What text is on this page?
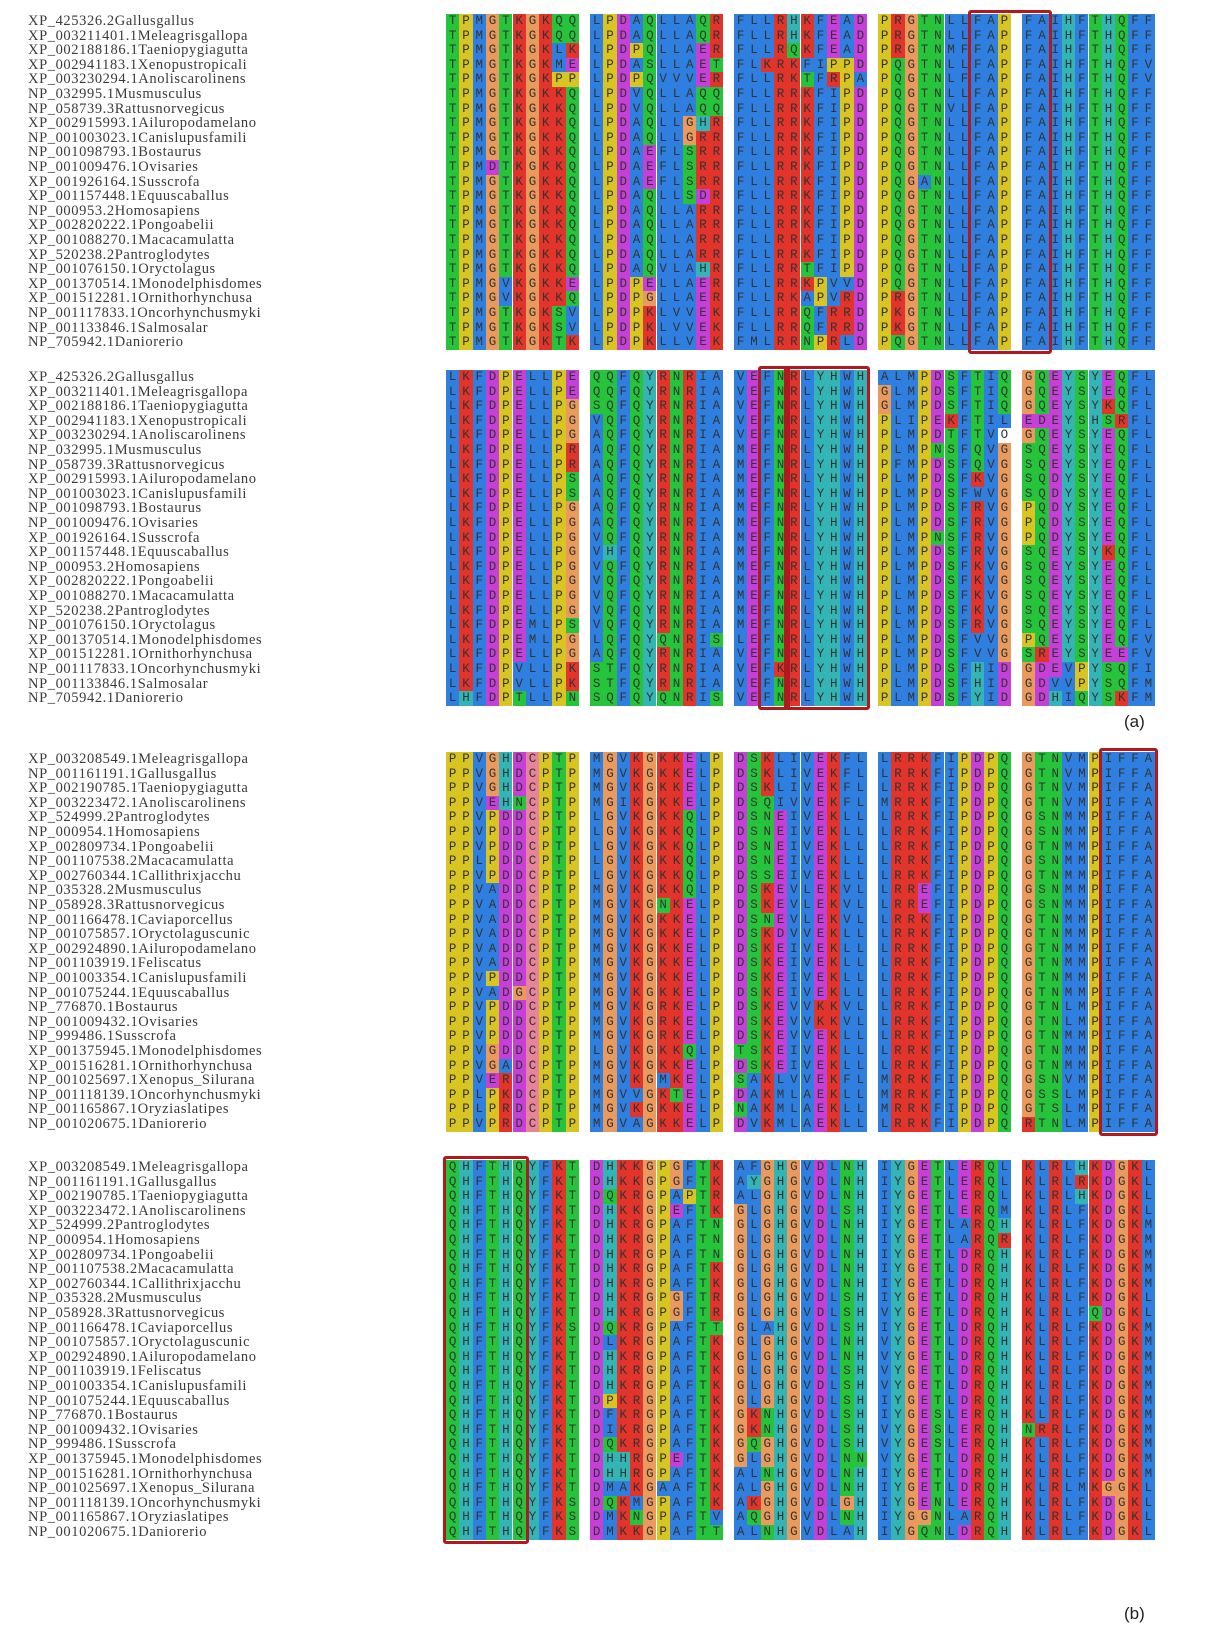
XP_425326.2Gallusgallus
XP_003211401.1Meleagrisgallopa
XP_002188186.1Taeniopygiagutta
XP_002941183.1Xenopustropicali
XP_003230294.1Anoliscarolinens
NP_032995.1Musmusculus
NP_058739.3Rattusnorvegicus
XP_002915993.1Ailuropodamelano
NP_001003023.1Canislupusfamili
NP_001098793.1Bostaurus
NP_001009476.1Ovisaries
XP_001926164.1Susscrofa
XP_001157448.1Equuscaballus
NP_000953.2Homosapiens
XP_002820222.1Pongoabelii
XP_001088270.1Macacamulatta
XP_520238.2Pantroglodytes
NP_001076150.1Oryctolagus
XP_001370514.1Monodelphisdomes
XP_001512281.1Ornithorhynchusa
NP_001117833.1Oncorhynchusmyki
NP_001133846.1Salmosalar
NP_705942.1Daniorerio
T P M G T K G K Q Q
T P M G T K G K Q Q
T P M G T K G K L K
T P M G T K G K M E
T P M G T K G K P P
T P M G T K G K K Q
T P M G T K G K K Q
T P M G T K G K K Q
T P M G T K G K K Q
T P M G T K G K K Q
T P M D T K G K K Q
T P M G T K G K K Q
T P M G T K G K K Q
T P M G T K G K K Q
T P M G T K G K K Q
T P M G T K G K K Q
T P M G T K G K K Q
T P M G T K G K K Q
T P M G V K G K K E
T P M G V K G K K Q
T P M G T K G K S V
T P M G T K G K S V
T P M G T K G K T K
L P D A Q L L A Q R
L P D A Q L L A Q R
L P D P Q L L A E R
L P D A S L L A E T
L P D P Q V V V E R
L P D V Q L L A Q Q
L P D V Q L L A Q Q
L P D A Q L L G H R
L P D A Q L L G R R
L P D A E F L S R R
L P D A E F L S R R
L P D A E F L S R R
L P D A Q L L S D R
L P D A Q L L A R R
L P D A Q L L A R R
L P D A Q L L A R R
L P D A Q L L A R R
L P D A Q V L A H R
L P D P E L L A E R
L P D P G L L A E R
L P D P K L V V E K
L P D P K L V V E K
L P D P K L L V E K
F L L R H K F E A D
F L L R H K F E A D
F L L R Q K F E A D
F L K R K F I P P D
F L L R K T F R P A
F L L R R K F I P D
F L L R R K F I P D
F L L R R K F I P D
F L L R R K F I P D
F L L R R K F I P D
F L L R R K F I P D
F L L R R K F I P D
F L L R R K F I P D
F L L R R K F I P D
F L L R R K F I P D
F L L R R K F I P D
F L L R R K F I P D
F L L R R T F I P D
F L L R R K P V V D
F L L R K A P V R D
F L L R R Q F R R D
F L L R R Q F R R D
F M L R R N P R L D
P R G T N L L F A P
P R G T N L L F A P
P R G T N M F F A P
P Q G T N L L F A P
P Q G T N L F F A P
P Q G T N L L F A P
P Q G T N V L F A P
P Q G T N L L F A P
P Q G T N L L F A P
P Q G T N L L F A P
P Q G T N L L F A P
P Q G A N L L F A P
P Q G T N L L F A P
P Q G T N L L F A P
P Q G T N L L F A P
P Q G T N L L F A P
P Q G T N L L F A P
P Q G T N L L F A P
P Q G T N L L F A P
P R G T N L L F A P
P K G T N L L F A P
P K G T N L L F A P
P Q G T N L L F A P
F A I H F T H Q F F
F A I H F T H Q F F
F A I H F T H Q F F
F A I H F T H Q F V
F A I H F T H Q F V
F A I H F T H Q F F
F A I H F T H Q F F
F A I H F T H Q F F
F A I H F T H Q F F
F A I H F T H Q F F
F A I H F T H Q F F
F A I H F T H Q F F
F A I H F T H Q F F
F A I H F T H Q F F
F A I H F T H Q F F
F A I H F T H Q F F
F A I H F T H Q F F
F A I H F T H Q F F
F A I H F T H Q F F
F A I H F T H Q F F
F A I H F T H Q F F
F A I H F T H Q F F
F A I H F T H Q F F
XP_425326.2Gallusgallus
XP_003211401.1Meleagrisgallopa
XP_002188186.1Taeniopygiagutta
XP_002941183.1Xenopustropicali
XP_003230294.1Anoliscarolinens
NP_032995.1Musmusculus
NP_058739.3Rattusnorvegicus
XP_002915993.1Ailuropodamelano
NP_001003023.1Canislupusfamili
NP_001098793.1Bostaurus
NP_001009476.1Ovisaries
XP_001926164.1Susscrofa
XP_001157448.1Equuscaballus
NP_000953.2Homosapiens
XP_002820222.1Pongoabelii
XP_001088270.1Macacamulatta
XP_520238.2Pantroglodytes
NP_001076150.1Oryctolagus
XP_001370514.1Monodelphisdomes
XP_001512281.1Ornithorhynchusa
NP_001117833.1Oncorhynchusmyki
NP_001133846.1Salmosalar
NP_705942.1Daniorerio
L K F D P E L L P E
L K F D P E L L P E
L K F D P E L L P G
L K F D P E L L P G
L K F D P E L L P G
L K F D P E L L P R
L K F D P E L L P R
L K F D P E L L P S
L K F D P E L L P S
L K F D P E L L P G
L K F D P E L L P G
L K F D P E L L P G
L K F D P E L L P G
L K F D P E L L P G
L K F D P E L L P G
L K F D P E L L P G
L K F D P E L L P G
L K F D P E M L P S
L K F D P E M L P G
L K F D P E L L P G
L K F D P V L L P K
L K F D P V L L P K
L H F D P T L L P N
Q Q F Q Y R N R I A
Q Q F Q Y R N R I A
S Q F Q Y R N R I A
V Q F Q Y R N R I A
A Q F Q Y R N R I A
A Q F Q Y R N R I A
A Q F Q Y R N R I A
A Q F Q Y R N R I A
A Q F Q Y R N R I A
A Q F Q Y R N R I A
A Q F Q Y R N R I A
V Q F Q Y R N R I A
V H F Q Y R N R I A
V Q F Q Y R N R I A
V Q F Q Y R N R I A
V Q F Q Y R N R I A
V Q F Q Y R N R I A
V Q F Q Y R N R I A
L Q F Q Y Q N R I S
A Q F Q Y R N R I A
S T F Q Y R N R I A
S T F Q Y R N R I A
S Q F Q Y Q N R I S
V E F N R L Y H W H
V E F N R L Y H W H
V E F N R L Y H W H
V E F N R L Y H W H
V E F N R L Y H W H
M E F N R L Y H W H
M E F N R L Y H W H
M E F N R L Y H W H
M E F N R L Y H W H
M E F N R L Y H W H
M E F N R L Y H W H
M E F N R L Y H W H
M E F N R L Y H W H
M E F N R L Y H W H
M E F N R L Y H W H
M E F N R L Y H W H
M E F N R L Y H W H
M E F N R L Y H W H
L E F N R L Y H W H
V E F N R L Y H W H
V E F K R L Y H W H
V E F N R L Y H W H
V E F N R L Y H W H
A L M P D S F T I Q
G L M P D S F T I Q
G L M P D S F T I Q
P L I P E K F T I L
P L M P D T F T V O
P L M P N S F Q V G
P F M P D S F Q V G
P L M P D S F K V G
P L M P D S F W V G
P L M P D S F R V G
P L M P D S F R V G
P L M P N S F R V G
P L M P D S F R V G
P L M P D S F K V G
P L M P D S F K V G
P L M P D S F K V G
P L M P D S F K V G
P L M P D S F R V G
P L M P D S F V V G
P L M P D S F V V G
P L M P D S F H I D
P L M P D S F H I D
P L M P D S F Y I D
G Q E Y S Y E Q F L
G Q E Y S Y E Q F L
G Q E Y S Y K Q F L
E D E Y S H S R F L
G Q E Y S Y E Q F L
S Q E Y S Y E Q F L
S Q E Y S Y E Q F L
S Q D Y S Y E Q F L
S Q D Y S Y E Q F L
P Q D Y S Y E Q F L
P Q D Y S Y E Q F L
P Q D Y S Y E Q F L
S Q E Y S Y K Q F L
S Q E Y S Y E Q F L
S Q E Y S Y E Q F L
S Q E Y S Y E Q F L
S Q E Y S Y E Q F L
S Q E Y S Y E Q F L
P Q E Y S Y E Q F V
S R E Y S Y E E F V
G D E V P Y S Q F I
G D V V P Y S Q F M
G D H I Q Y S K F M
(a)
XP_003208549.1Meleagrisgallopa
NP_001161191.1Gallusgallus
XP_002190785.1Taeniopygiagutta
XP_003223472.1Anoliscarolinens
XP_524999.2Pantroglodytes
NP_000954.1Homosapiens
XP_002809734.1Pongoabelii
NP_001107538.2Macacamulatta
XP_002760344.1Callithrixjacchu
NP_035328.2Musmusculus
NP_058928.3Rattusnorvegicus
NP_001166478.1Caviaporcellus
NP_001075857.1Oryctolaguscunic
XP_002924890.1Ailuropodamelano
NP_001103919.1Feliscatus
NP_001003354.1Canislupusfamili
NP_001075244.1Equuscaballus
NP_776870.1Bostaurus
NP_001009432.1Ovisaries
NP_999486.1Susscrofa
XP_001375945.1Monodelphisdomes
XP_001516281.1Ornithorhynchusa
NP_001025697.1Xenopus_Silurana
NP_001118139.1Oncorhynchusmyki
NP_001165867.1Oryziaslatipes
NP_001020675.1Daniorerio
P P V G H D C P T P
P P V G H D C P T P
P P V G H D C P T P
P P V E H N C P T P
P P V P D D C P T P
P P V P D D C P T P
P P V P D D C P T P
P P L P D D C P T P
P P V P D D C P T P
P P V A D D C P T P
P P V A D D C P T P
P P V A D D C P T P
P P V A D D C P T P
P P V A D D C P T P
P P V A D D C P T P
P P V P D D C P T P
P P V A D G C P T P
P P V P D D C P T P
P P V P D D C P T P
P P V P D D C P T P
P P V G D D C P T P
P P V G A D C P T P
P P V E R D C P T P
P P L P K D C P T P
P P L P R D C P T P
P P V P R D C P T P
M G V K G K K E L P
M G V K G K K E L P
M G V K G K K E L P
M G I K G K K E L P
L G V K G K K Q L P
L G V K G K K Q L P
L G V K G K K Q L P
L G V K G K K Q L P
L G V K G K K Q L P
M G V K G K K Q L P
M G V K G N K E L P
M G V K G K K E L P
M G V K G K K E L P
M G V K G K K E L P
M G V K G K K E L P
M G V K G K K E L P
M G V K G K K E L P
M G V K G R K E L P
M G V K G R K E L P
M G V K G R K E L P
L G V K G K K Q L P
M G V K G K K E L P
M G V K G M K E L P
M G V V G K T E L P
M G V K G K K E L P
M G V A G K K E L P
D S K L I V E K F L
D S K L I V E K F L
D S K L I V E K F L
D S Q I V V E K F L
D S N E I V E K L L
D S N E I V E K L L
D S N E I V E K L L
D S N E I V E K L L
D S S E I V E K L L
D S K E V L E K V L
D S K E V L E K V L
D S N E V L E K V L
D S K D V V E K L L
D S K E I V E K L L
D S K E I V E K L L
D S K E I V E K L L
D S K E I V E K L L
D S K E V V K K V L
D S K E V V K K V L
D S K E V V E K L L
T S K E I V E K L L
D S K E I V E K L L
S A K L V V E K F L
D A K M L A E K L L
N A K M L A E K L L
D V K M L A E K L L
L R R K F I P D P Q
L R R K F I P D P Q
L R R K F I P D P Q
M R R K F I P D P Q
L R R K F I P D P Q
L R R K F I P D P Q
L R R K F I P D P Q
L R R K F I P D P Q
L R R K F I P D P Q
L R R E F I P D P Q
L R R E F I P D P Q
L R R K F I P D P Q
L R R K F I P D P Q
L R R K F I P D P Q
L R R K F I P D P Q
L R R K F I P D P Q
L R R K F I P D P Q
L R R K F I P D P Q
L R R K F I P D P Q
L R R K F I P D P Q
L R R K F I P D P Q
L R R K F I P D P Q
M R R K F I P D P Q
M R R K F I P D P Q
M R R K F I P D P Q
L R R K F I P D P Q
G T N V M P I F F A
G T N V M P I F F A
G T N V M P I F F A
G T N V M P I F F A
G S N M M P I F F A
G S N M M P I F F A
G T N M M P I F F A
G S N M M P I F F A
G T N M M P I F F A
G S N M M P I F F A
G S N M M P I F F A
G T N M M P I F F A
G T N M M P I F F A
G T N M M P I F F A
G T N M M P I F F A
G T N M M P I F F A
G T N M M P I F F A
G T N L M P I F F A
G T N L M P I F F A
G T N M M P I F F A
G T N M M P I F F A
G T N M M P I F F A
G S N V M P I F F A
G S S L M P I F F A
G T S L M P I F F A
R T N L M P I F F A
XP_003208549.1Meleagrisgallopa
NP_001161191.1Gallusgallus
XP_002190785.1Taeniopygiagutta
XP_003223472.1Anoliscarolinens
XP_524999.2Pantroglodytes
NP_000954.1Homosapiens
XP_002809734.1Pongoabelii
NP_001107538.2Macacamulatta
XP_002760344.1Callithrixjacchu
NP_035328.2Musmusculus
NP_058928.3Rattusnorvegicus
NP_001166478.1Caviaporcellus
NP_001075857.1Oryctolaguscunic
XP_002924890.1Ailuropodamelano
NP_001103919.1Feliscatus
NP_001003354.1Canislupusfamili
NP_001075244.1Equuscaballus
NP_776870.1Bostaurus
NP_001009432.1Ovisaries
NP_999486.1Susscrofa
XP_001375945.1Monodelphisdomes
NP_001516281.1Ornithorhynchusa
NP_001025697.1Xenopus_Silurana
NP_001118139.1Oncorhynchusmyki
NP_001165867.1Oryziaslatipes
NP_001020675.1Daniorerio
Q H F T H Q Y F K T
Q H F T H Q Y F K T
Q H F T H Q Y F K T
Q H F T H Q Y F K T
Q H F T H Q Y F K T
Q H F T H Q Y F K T
Q H F T H Q Y F K T
Q H F T H Q Y F K T
Q H F T H Q Y F K T
Q H F T H Q Y F K T
Q H F T H Q Y F K T
Q H F T H Q Y F K S
Q H F T H Q Y F K T
Q H F T H Q Y F K T
Q H F T H Q Y F K T
Q H F T H Q Y F K T
Q H F T H Q Y F K T
Q H F T H Q Y F K T
Q H F T H Q Y F K T
Q H F T H Q Y F K T
Q H F T H Q Y F K T
Q H F T H Q Y F K T
Q H F T H Q Y F K T
Q H F T H Q Y F K S
Q H F T H Q Y F K S
Q H F T H Q Y F K S
D H K K G P G F T K
D H K K G P G F T K
D Q K R G P A P T R
D H K K G P E F T K
D H K R G P A F T N
D H K R G P A F T N
D H K R G P A F T N
D H K R G P A F T K
D H K R G P A F T K
D H K R G P G F T R
D H K R G P G F T R
D Q K R G P A F T T
D L K R G P A F T K
D H K R G P A F T K
D H K R G P A F T K
D H K R G P A F T K
D P K R G P A F T K
D F K R G P A F T K
D I K R G P A F T K
D Q K R G P A F T K
D H H R G P E F T K
D H H R G P A F T K
D M A K G A A F T K
D Q K M G P A F T K
D M K N G P A F T V
D M K K G P A F T T
A F G H G V D L N H
A Y G H G V D L N H
A L G H G V D L N H
G L G H G V D L S H
G L G H G V D L N H
G L G H G V D L N H
G L G H G V D L N H
G L G H G V D L N H
G L G H G V D L N H
G L G H G V D L S H
G L G H G V D L S H
G L A H G V D L S H
G L G H G V D L N H
G L G H G V D L N H
G L G H G V D L S H
G L G H G V D L S H
G L G H G V D L S H
G K N H G V D L S H
G K N H G V D L S H
G Q G H G V D L S H
G L G H G V D L N N
A L N H G V D L N H
A L G H G V D L N H
A K G H G V D L G H
A Q G H G V D L N H
A L N H G V D L A H
I Y G E T L E R Q L
I Y G E T L E R Q L
I Y G E T L E R Q L
I Y G E T L E R Q M
I Y G E T L A R Q H
I Y G E T L A R Q R
I Y G E T L D R Q H
I Y G E T L D R Q H
I Y G E T L D R Q H
I Y G E T L D R Q H
V Y G E T L D R Q H
I Y G E T L D R Q H
V Y G E T L D R Q H
V Y G E T L D R Q H
V Y G E T L D R Q H
V Y G E T L D R Q H
I Y G E T L D R Q H
I Y G E S L E R Q H
V Y G E S L E R Q H
V Y G E S L E R Q H
V Y G E T L D R Q H
I Y G E T L D R Q H
I Y G E T L D R Q H
I Y G E N L E R Q H
I Y G G N L A R Q H
I Y G Q N L D R Q H
K L R L H K D G K L
K L R L R K D G K L
K L R L H K D G K L
K L R L F K D G K L
K L R L F K D G K M
K L R L F K D G K M
K L R L F K D G K M
K L R L F K D G K M
K L R L F K D G K M
K L R L F K D G K L
K L R L F Q D G K L
K L R L F K D G K M
K L R L F K D G K M
K L R L F K D G K M
K L R L F K D G K M
K L R L F K D G K M
K L R L F K D G K M
K L R L F K D G K M
N R R L F K D G K M
K L R L F K D G K M
K L R L F K D G K M
K L R L F K D G K M
K L R L M K G G K L
K L R L F K D G K L
K L R L F K D G K L
K L R L F K D G K L
(b)
